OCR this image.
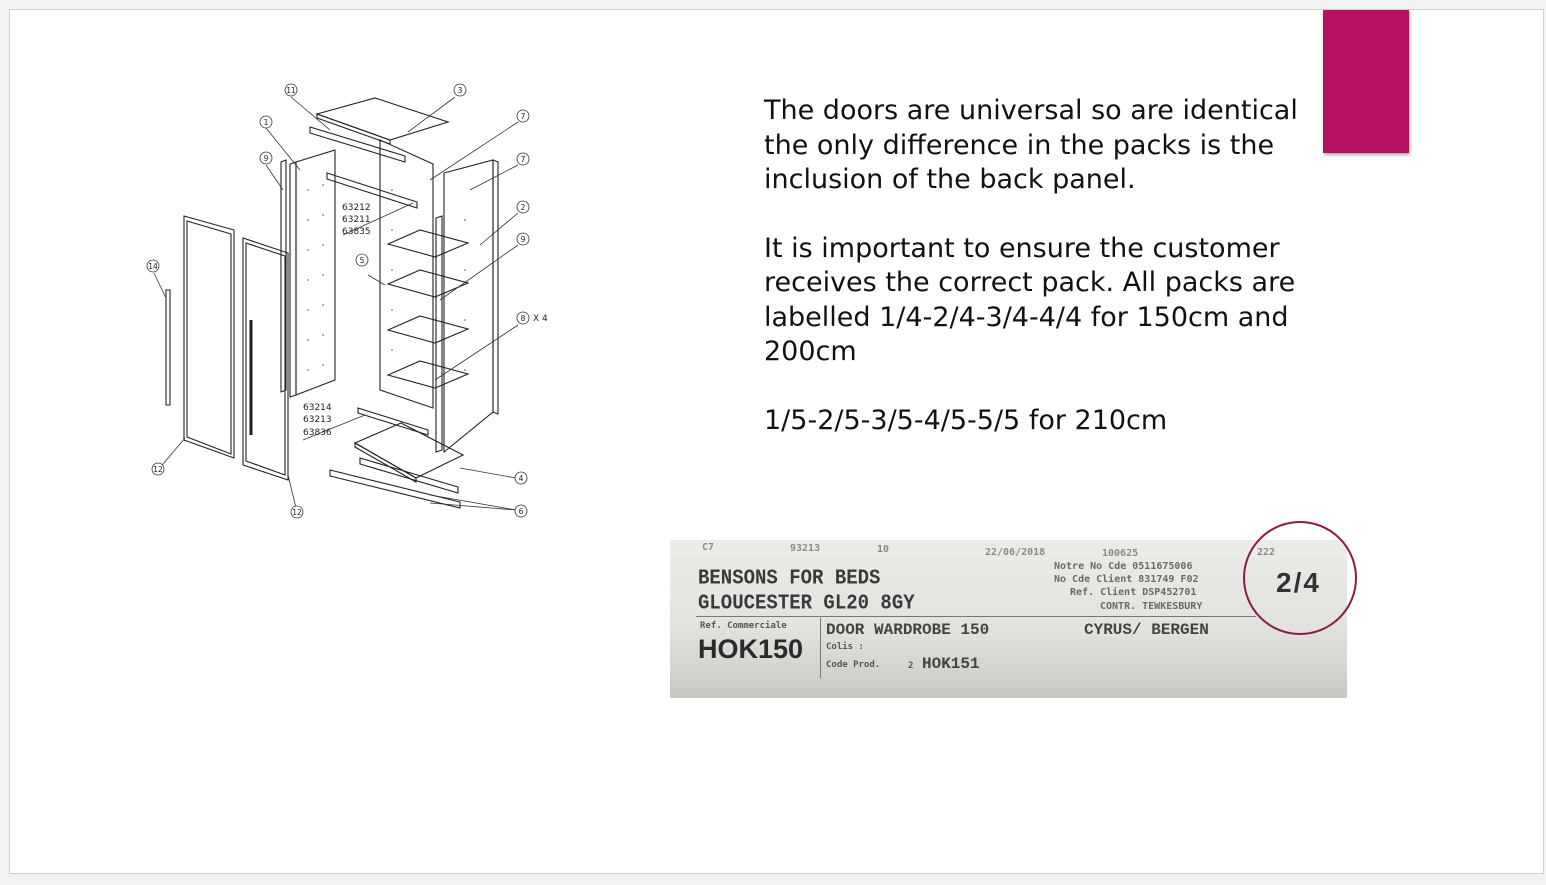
11	3
7
1
9	7
2
9
14
5
8
12
12
4
6
X 4
63212
63211
63835
63214
63213
63836

The doors are universal so are identical the only difference in the packs is the inclusion of the back panel.

It is important to ensure the customer receives the correct pack. All packs are labelled 1/4-2/4-3/4-4/4 for 150cm and 200cm

1/5-2/5-3/5-4/5-5/5 for 210cm

C7	93213	10	22/06/2018	100625	222
BENSONS FOR BEDS
GLOUCESTER GL20 8GY
Notre No Cde 0511675006
No Cde Client 831749 F02
Ref. Client DSP452701
CONTR. TEWKESBURY
Ref. Commerciale
HOK150
DOOR WARDROBE 150
Colis :
Code Prod.	2 HOK151
CYRUS/ BERGEN
2/4
